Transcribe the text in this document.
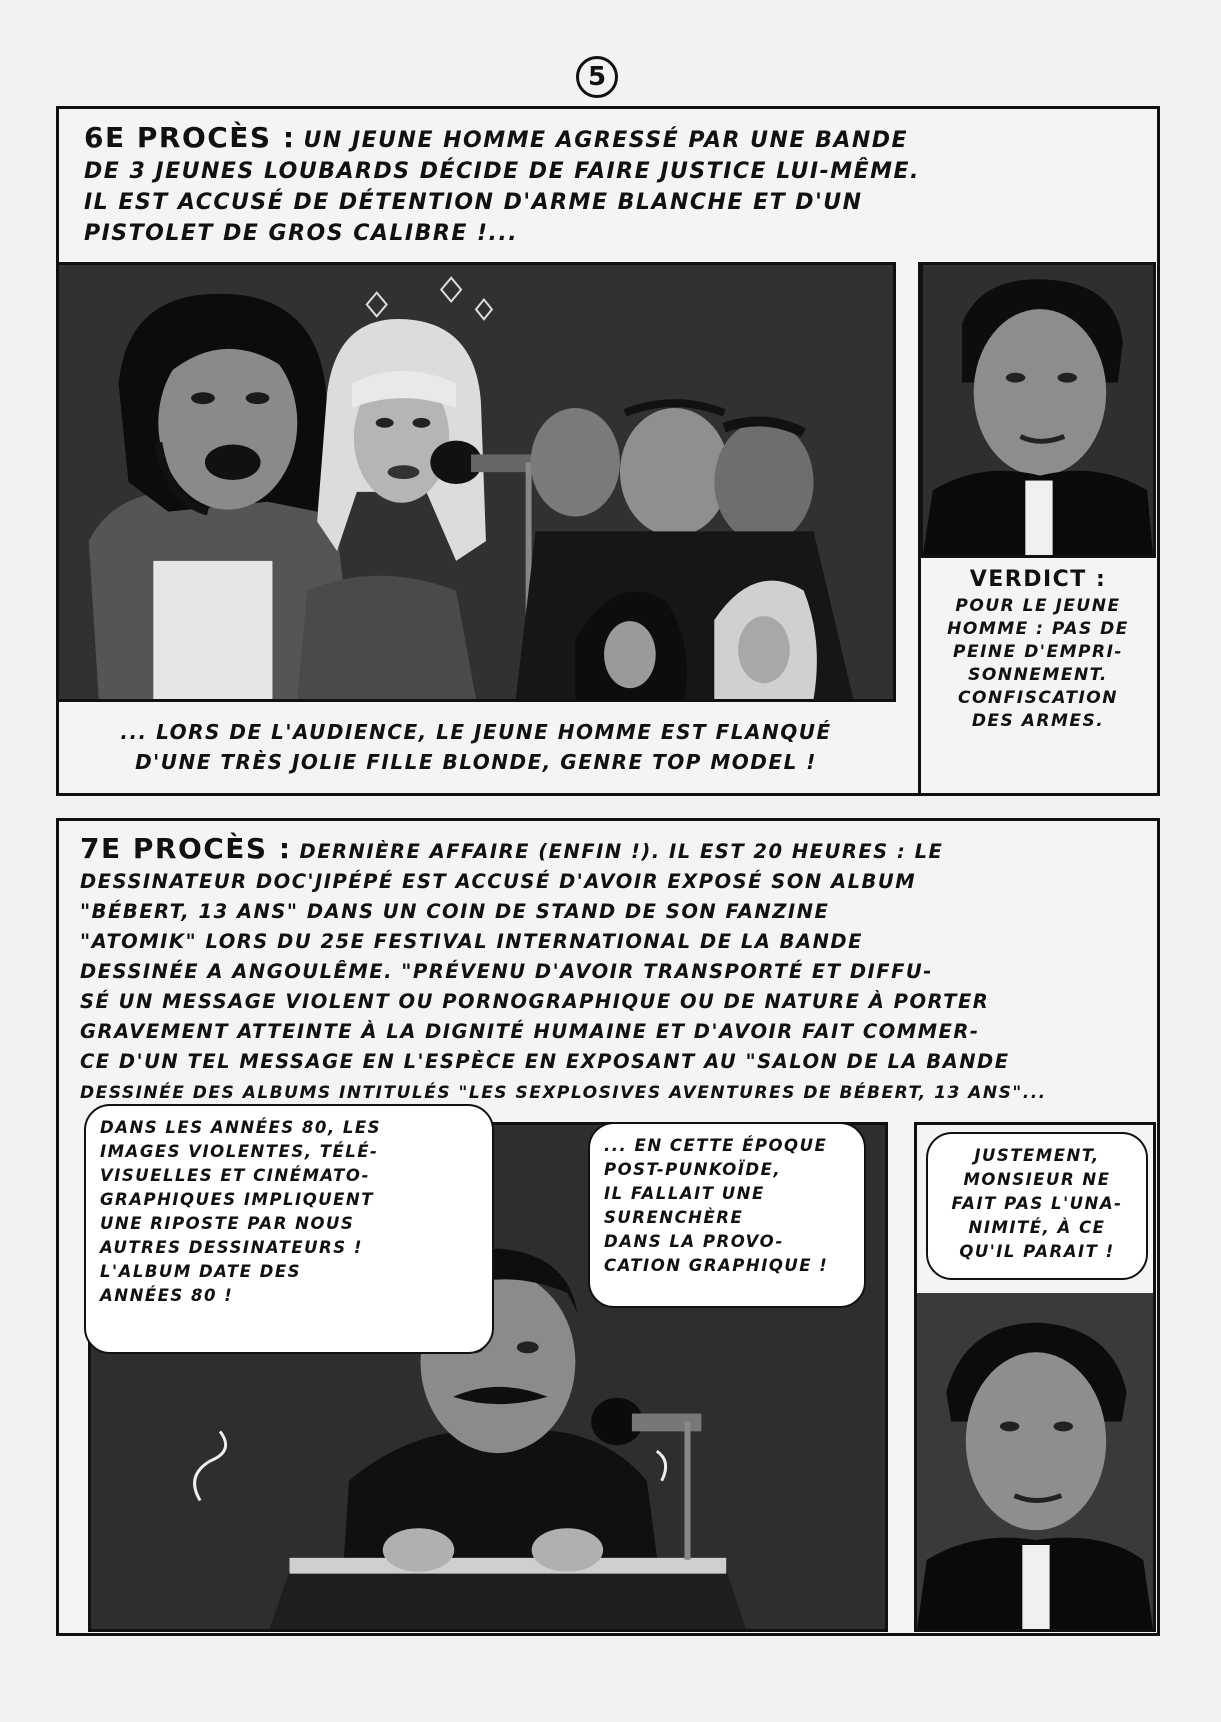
5
6E PROCÈS : UN JEUNE HOMME AGRESSÉ PAR UNE BANDE
DE 3 JEUNES LOUBARDS DÉCIDE DE FAIRE JUSTICE LUI-MÊME.
IL EST ACCUSÉ DE DÉTENTION D'ARME BLANCHE ET D'UN
PISTOLET DE GROS CALIBRE !...
... LORS DE L'AUDIENCE, LE JEUNE HOMME EST FLANQUÉ
D'UNE TRÈS JOLIE FILLE BLONDE, GENRE TOP MODEL !
VERDICT :
POUR LE JEUNE
HOMME : PAS DE
PEINE D'EMPRI-
SONNEMENT.
CONFISCATION
DES ARMES.
7E PROCÈS : DERNIÈRE AFFAIRE (ENFIN !). IL EST 20 HEURES : LE
DESSINATEUR DOC'JIPÉPÉ EST ACCUSÉ D'AVOIR EXPOSÉ SON ALBUM
"BÉBERT, 13 ANS" DANS UN COIN DE STAND DE SON FANZINE
"ATOMIK" LORS DU 25E FESTIVAL INTERNATIONAL DE LA BANDE
DESSINÉE A ANGOULÊME. "PRÉVENU D'AVOIR TRANSPORTÉ ET DIFFU-
SÉ UN MESSAGE VIOLENT OU PORNOGRAPHIQUE OU DE NATURE À PORTER
GRAVEMENT ATTEINTE À LA DIGNITÉ HUMAINE ET D'AVOIR FAIT COMMER-
CE D'UN TEL MESSAGE EN L'ESPÈCE EN EXPOSANT AU "SALON DE LA BANDE
DESSINÉE DES ALBUMS INTITULÉS "LES SEXPLOSIVES AVENTURES DE BÉBERT, 13 ANS"...
DANS LES ANNÉES 80, LES
IMAGES VIOLENTES, TÉLÉ-
VISUELLES ET CINÉMATO-
GRAPHIQUES IMPLIQUENT
UNE RIPOSTE PAR NOUS
AUTRES DESSINATEURS !
L'ALBUM DATE DES
ANNÉES 80 !
... EN CETTE ÉPOQUE
POST-PUNKOÏDE,
IL FALLAIT UNE
SURENCHÈRE
DANS LA PROVO-
CATION GRAPHIQUE !
JUSTEMENT,
MONSIEUR NE
FAIT PAS L'UNA-
NIMITÉ, À CE
QU'IL PARAIT !
